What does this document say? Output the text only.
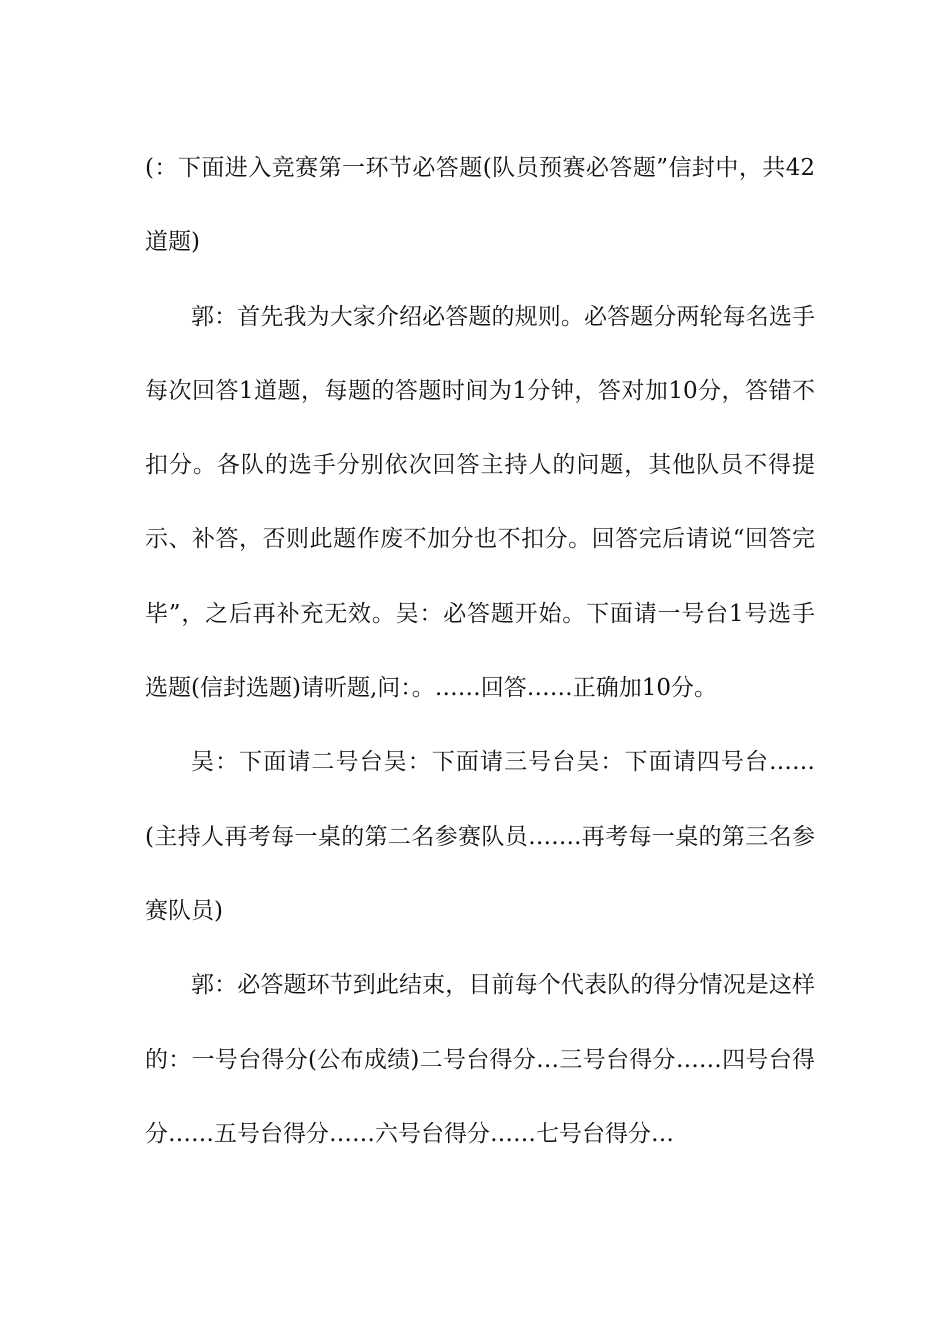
(：下面进入竞赛第一环节必答题(队员预赛必答题”信封中，共42道题)

郭：首先我为大家介绍必答题的规则。必答题分两轮每名选手每次回答1道题，每题的答题时间为1分钟，答对加10分，答错不扣分。各队的选手分别依次回答主持人的问题，其他队员不得提示、补答，否则此题作废不加分也不扣分。回答完后请说“回答完毕”，之后再补充无效。吴：必答题开始。下面请一号台1号选手选题(信封选题)请听题,问：。……回答……正确加10分。

吴：下面请二号台吴：下面请三号台吴：下面请四号台……(主持人再考每一桌的第二名参赛队员…….再考每一桌的第三名参赛队员)

郭：必答题环节到此结束，目前每个代表队的得分情况是这样的：一号台得分(公布成绩)二号台得分…三号台得分……四号台得分……五号台得分……六号台得分……七号台得分…
